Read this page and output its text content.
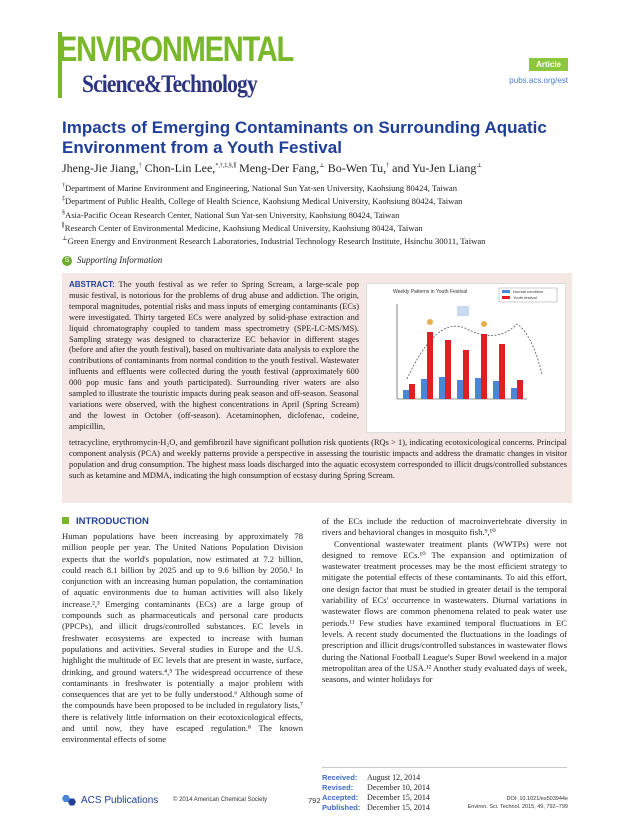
ENVIRONMENTAL
Science&Technology
Article
pubs.acs.org/est
Impacts of Emerging Contaminants on Surrounding Aquatic Environment from a Youth Festival
Jheng-Jie Jiang,† Chon-Lin Lee,*,†,‡,§,∥ Meng-Der Fang,⊥ Bo-Wen Tu,† and Yu-Jen Liang⊥
†Department of Marine Environment and Engineering, National Sun Yat-sen University, Kaohsiung 80424, Taiwan
‡Department of Public Health, College of Health Science, Kaohsiung Medical University, Kaohsiung 80424, Taiwan
§Asia-Pacific Ocean Research Center, National Sun Yat-sen University, Kaohsiung 80424, Taiwan
∥Research Center of Environmental Medicine, Kaohsiung Medical University, Kaohsiung 80424, Taiwan
⊥Green Energy and Environment Research Laboratories, Industrial Technology Research Institute, Hsinchu 30011, Taiwan
S Supporting Information
ABSTRACT: The youth festival as we refer to Spring Scream, a large-scale pop music festival, is notorious for the problems of drug abuse and addiction. The origin, temporal magnitudes, potential risks and mass inputs of emerging contaminants (ECs) were investigated. Thirty targeted ECs were analyzed by solid-phase extraction and liquid chromatography coupled to tandem mass spectrometry (SPE-LC-MS/MS). Sampling strategy was designed to characterize EC behavior in different stages (before and after the youth festival), based on multivariate data analysis to explore the contributions of contaminants from normal condition to the youth festival. Wastewater influents and effluents were collected during the youth festival (approximately 600 000 pop music fans and youth participated). Surrounding river waters are also sampled to illustrate the touristic impacts during peak season and off-season. Seasonal variations were observed, with the highest concentrations in April (Spring Scream) and the lowest in October (off-season). Acetaminophen, diclofenac, codeine, ampicillin,
tetracycline, erythromycin-H₂O, and gemfibrozil have significant pollution risk quotients (RQs > 1), indicating ecotoxicological concerns. Principal component analysis (PCA) and weekly patterns provide a perspective in assessing the touristic impacts and address the dramatic changes in visitor population and drug consumption. The highest mass loads discharged into the aquatic ecosystem corresponded to illicit drugs/controlled substances such as ketamine and MDMA, indicating the high consumption of ecstasy during Spring Scream.
Weekly Patterns in Youth Festival	Normal condition
Youth festival
INTRODUCTION

Human populations have been increasing by approximately 78 million people per year. The United Nations Population Division expects that the world's population, now estimated at 7.2 billion, could reach 8.1 billion by 2025 and up to 9.6 billion by 2050.¹ In conjunction with an increasing human population, the contamination of aquatic environments due to human activities will also likely increase.²,³ Emerging contaminants (ECs) are a large group of compounds such as pharmaceuticals and personal care products (PPCPs), and illicit drugs/controlled substances. EC levels in freshwater ecosystems are expected to increase with human populations and activities. Several studies in Europe and the U.S. highlight the multitude of EC levels that are present in waste, surface, drinking, and ground waters.⁴,⁵ The widespread occurrence of these contaminants in freshwater is potentially a major problem with consequences that are yet to be fully understood.⁶ Although some of the compounds have been proposed to be included in regulatory lists,⁷ there is relatively little information on their ecotoxicological effects, and until now, they have escaped regulation.⁸ The known environmental effects of some

of the ECs include the reduction of macroinvertebrate diversity in rivers and behavioral changes in mosquito fish.⁹,¹⁰

Conventional wastewater treatment plants (WWTPs) were not designed to remove ECs.¹⁰ The expansion and optimization of wastewater treatment processes may be the most efficient strategy to mitigate the potential effects of these contaminants. To aid this effort, one design factor that must be studied in greater detail is the temporal variability of ECs' occurrence in wastewaters. Diurnal variations in wastewater flows are common phenomena related to peak water use periods.¹¹ Few studies have examined temporal fluctuations in EC levels. A recent study documented the fluctuations in the loadings of prescription and illicit drugs/controlled substances in wastewater flows during the National Football League's Super Bowl weekend in a major metropolitan area of the USA.¹² Another study evaluated days of week, seasons, and winter holidays for

Received:	August 12, 2014
Revised:	December 10, 2014
Accepted:	December 15, 2014
Published: December 15, 2014
ACS Publications © 2014 American Chemical Society	792	DOI: 10.1021/es503944e
Environ. Sci. Technol. 2015, 49, 792−799
